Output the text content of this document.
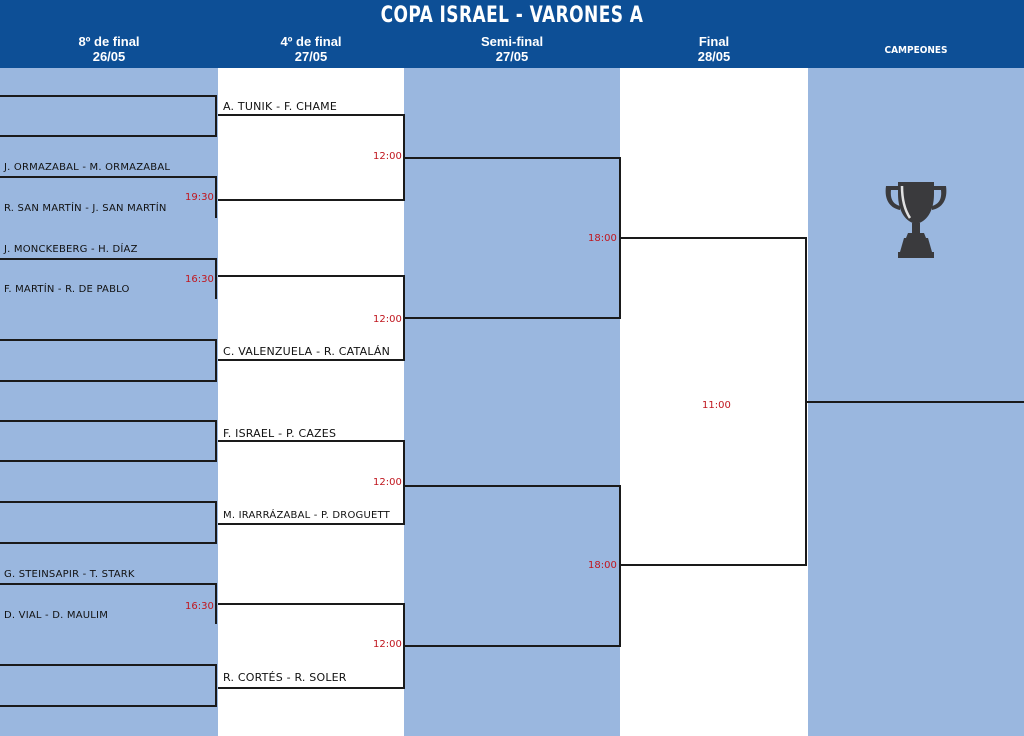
COPA ISRAEL - VARONES A
8º de final
26/05
4º de final
27/05
Semi-final
27/05
Final
28/05	CAMPEONES
J. ORMAZABAL - M. ORMAZABAL
R. SAN MARTÍN - J. SAN MARTÍN
J. MONCKEBERG - H. DÍAZ
F. MARTÍN - R. DE PABLO
G. STEINSAPIR - T. STARK
D. VIAL - D. MAULIM
19:30
16:30
16:30
A. TUNIK - F. CHAME
C. VALENZUELA - R. CATALÁN
F. ISRAEL - P. CAZES
M. IRARRÁZABAL - P. DROGUETT
R. CORTÉS - R. SOLER
12:00
12:00
12:00
12:00
18:00
18:00
11:00
